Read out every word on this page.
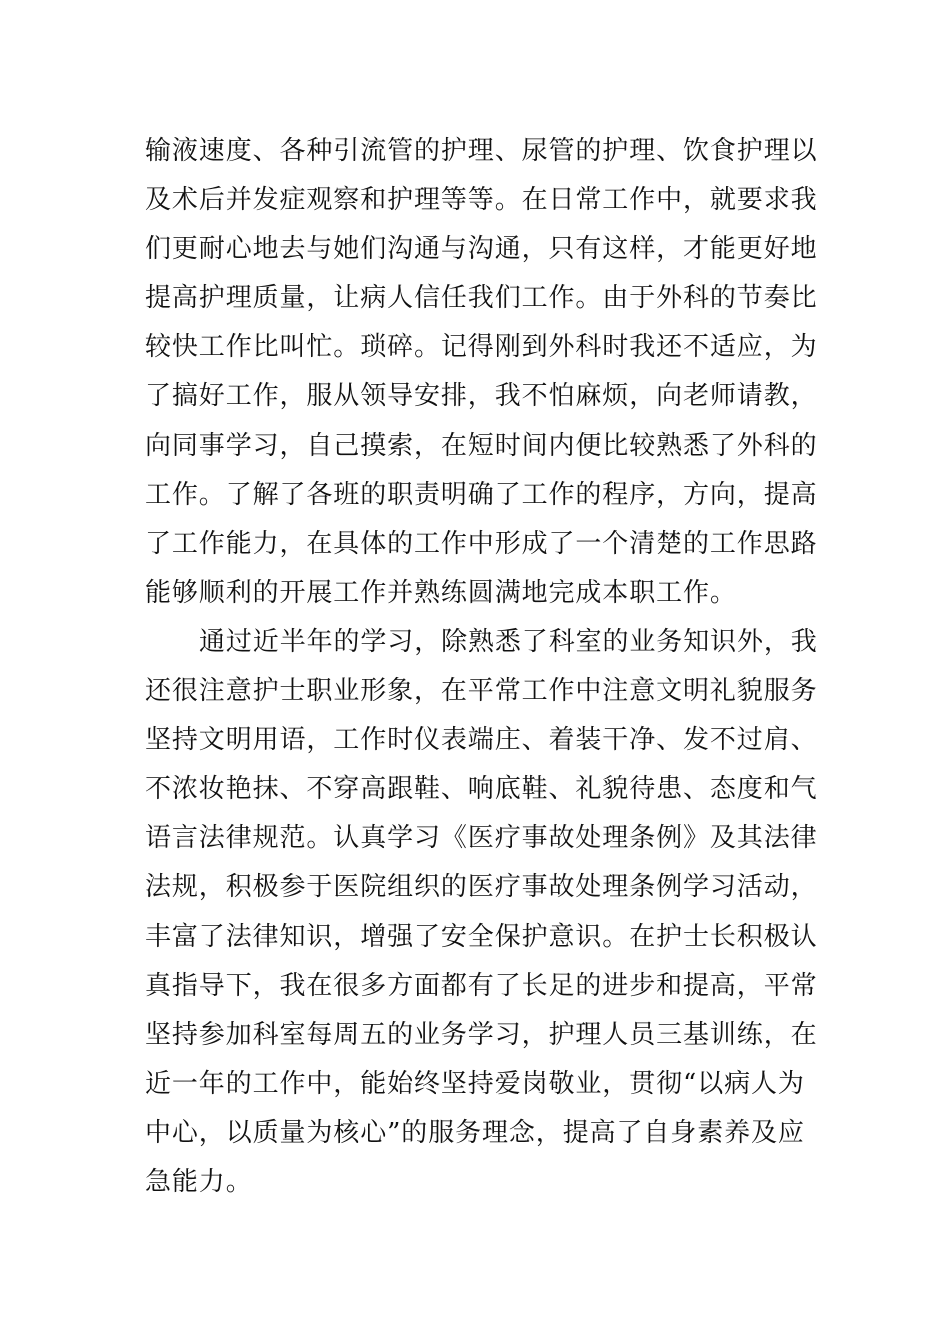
输液速度、各种引流管的护理、尿管的护理、饮食护理以
及术后并发症观察和护理等等。在日常工作中，就要求我
们更耐心地去与她们沟通与沟通，只有这样，才能更好地
提高护理质量，让病人信任我们工作。由于外科的节奏比
较快工作比叫忙。琐碎。记得刚到外科时我还不适应，为
了搞好工作，服从领导安排，我不怕麻烦，向老师请教，
向同事学习，自己摸索，在短时间内便比较熟悉了外科的
工作。了解了各班的职责明确了工作的程序，方向，提高
了工作能力，在具体的工作中形成了一个清楚的工作思路
能够顺利的开展工作并熟练圆满地完成本职工作。
通过近半年的学习，除熟悉了科室的业务知识外，我
还很注意护士职业形象，在平常工作中注意文明礼貌服务
坚持文明用语，工作时仪表端庄、着装干净、发不过肩、
不浓妆艳抹、不穿高跟鞋、响底鞋、礼貌待患、态度和气
语言法律规范。认真学习《医疗事故处理条例》及其法律
法规，积极参于医院组织的医疗事故处理条例学习活动，
丰富了法律知识，增强了安全保护意识。在护士长积极认
真指导下，我在很多方面都有了长足的进步和提高，平常
坚持参加科室每周五的业务学习，护理人员三基训练，在
近一年的工作中，能始终坚持爱岗敬业，贯彻“以病人为
中心，以质量为核心”的服务理念，提高了自身素养及应
急能力。
